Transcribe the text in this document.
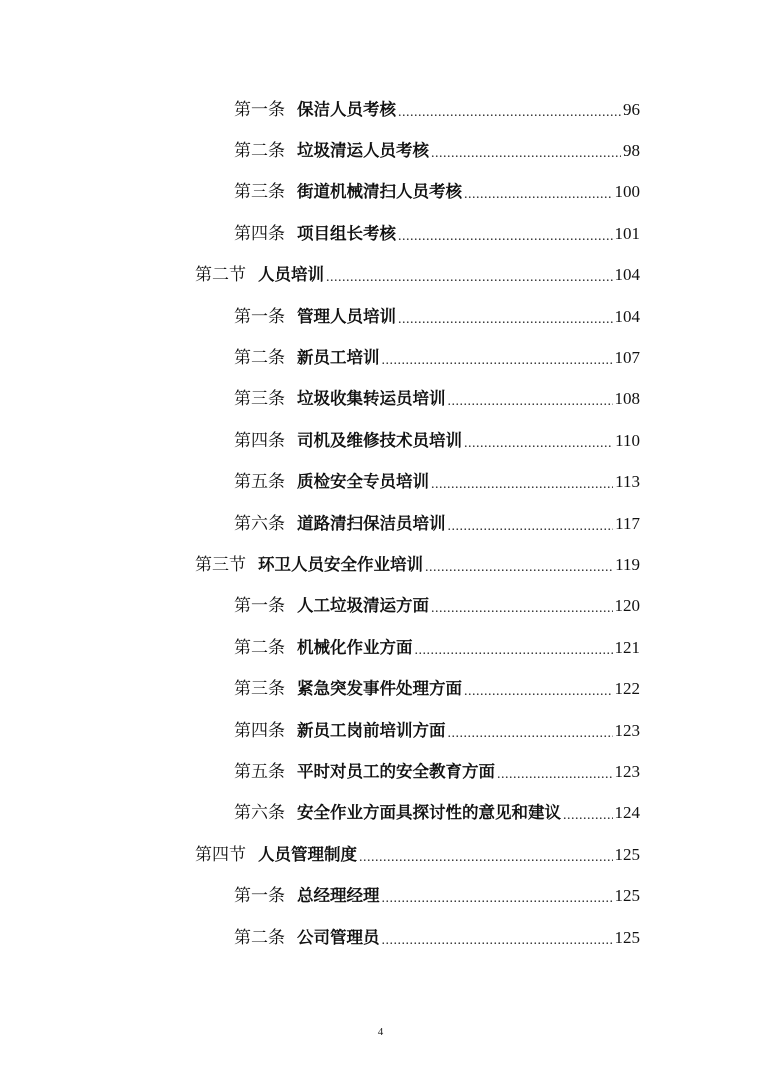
第一条 保洁人员考核 .....	96
第二条 垃圾清运人员考核 .....	98
第三条 街道机械清扫人员考核 .....	100
第四条 项目组长考核 .....	101
第二节 人员培训 .....	104
第一条 管理人员培训 .....	104
第二条 新员工培训 .....	107
第三条 垃圾收集转运员培训 .....	108
第四条 司机及维修技术员培训 .....	110
第五条 质检安全专员培训 .....	113
第六条 道路清扫保洁员培训 .....	117
第三节 环卫人员安全作业培训 .....	119
第一条 人工垃圾清运方面 .....	120
第二条 机械化作业方面 .....	121
第三条 紧急突发事件处理方面 .....	122
第四条 新员工岗前培训方面 .....	123
第五条 平时对员工的安全教育方面 .....	123
第六条 安全作业方面具探讨性的意见和建议 .....	124
第四节 人员管理制度 .....	125
第一条 总经理经理 .....	125
第二条 公司管理员 .....	125
4
